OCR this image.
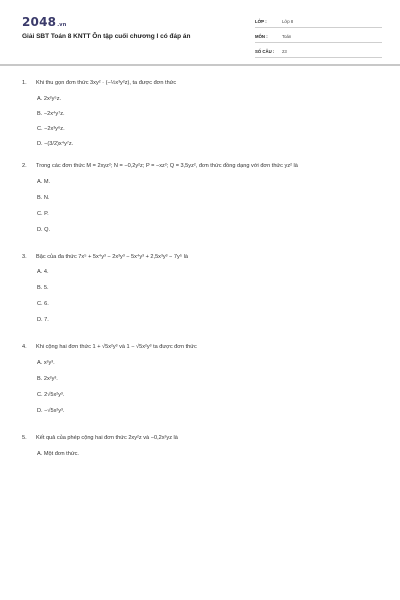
2048.vn
Giải SBT Toán 8 KNTT Ôn tập cuối chương I có đáp án
LỚP :	Lớp 8
MÔN :	Toán
SỐ CÂU :	23
1.	Khi thu gọn đơn thức 3xy² · (−½x³y²z), ta được đơn thức
A. 2x²y⁵z.
B. −2x⁴y⁷z.
C. −2x³y⁶z.
D. −(3/2)x⁴y⁷z.
2.	Trong các đơn thức M = 2xyz²; N = −0,2y²z; P = −xz²; Q = 3,5yz², đơn thức đồng dạng với đơn thức yz² là
A. M.
B. N.
C. P.
D. Q.
3.	Bậc của đa thức 7x⁵ + 5x⁴y³ − 2x³y³ − 5x⁴y³ + 2,5x³y³ − 7y⁵ là
A. 4.
B. 5.
C. 6.
D. 7.
4.	Khi cộng hai đơn thức 1 + √5x²y³ và 1 − √5x²y³ ta được đơn thức
A. x²y³.
B. 2x²y³.
C. 2√5x²y³.
D. −√5x²y³.
5.	Kết quả của phép cộng hai đơn thức 2xy²z và −0,2x²yz là
A. Một đơn thức.
